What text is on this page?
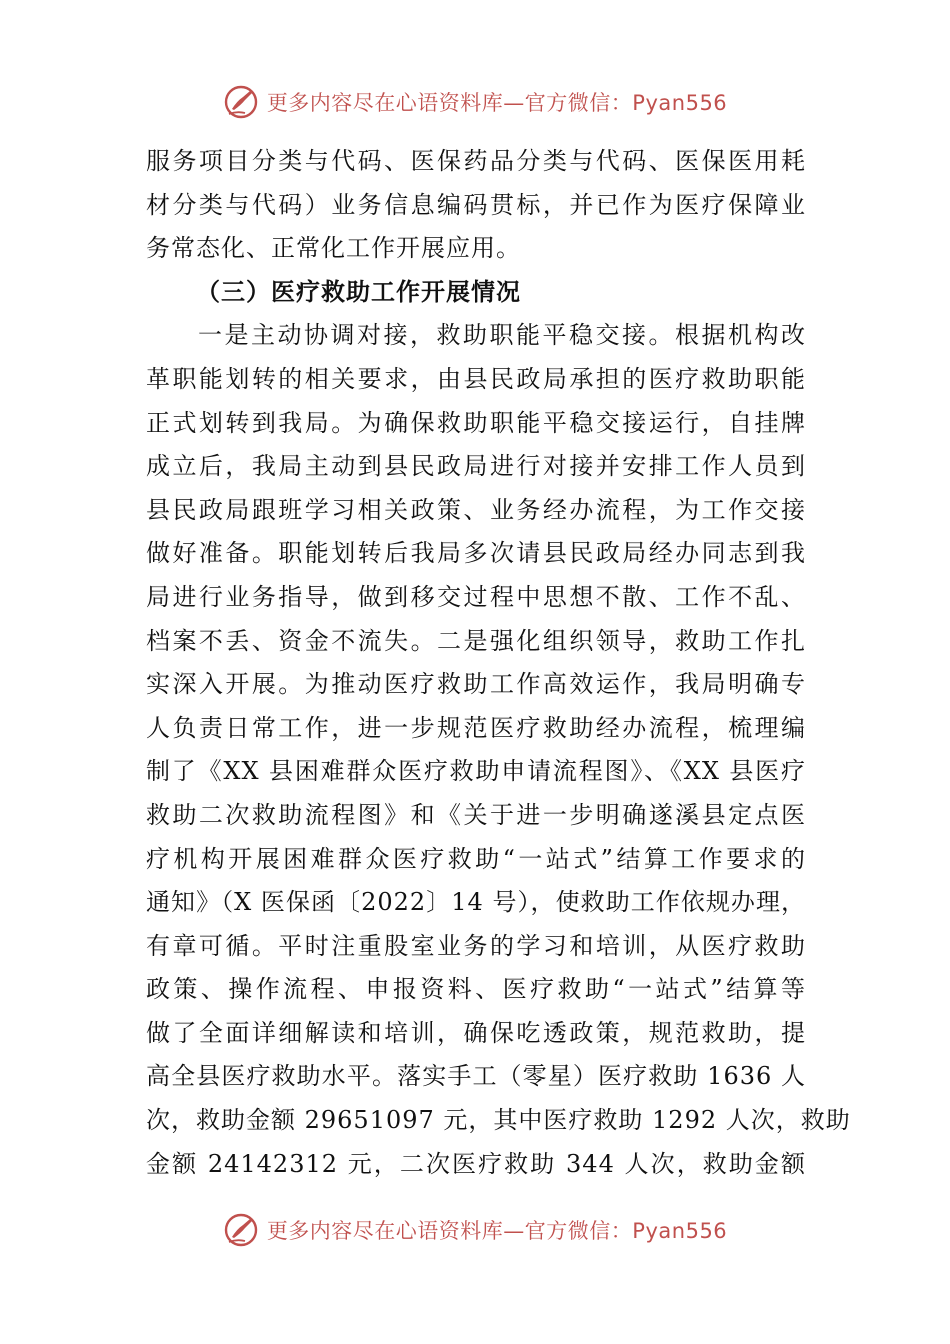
更多内容尽在心语资料库—官方微信：Pyan556
服务项目分类与代码、医保药品分类与代码、医保医用耗
材分类与代码）业务信息编码贯标，并已作为医疗保障业
务常态化、正常化工作开展应用。
（三）医疗救助工作开展情况
一是主动协调对接，救助职能平稳交接。根据机构改
革职能划转的相关要求，由县民政局承担的医疗救助职能
正式划转到我局。为确保救助职能平稳交接运行，自挂牌
成立后，我局主动到县民政局进行对接并安排工作人员到
县民政局跟班学习相关政策、业务经办流程，为工作交接
做好准备。职能划转后我局多次请县民政局经办同志到我
局进行业务指导，做到移交过程中思想不散、工作不乱、
档案不丢、资金不流失。二是强化组织领导，救助工作扎
实深入开展。为推动医疗救助工作高效运作，我局明确专
人负责日常工作，进一步规范医疗救助经办流程，梳理编
制了《XX 县困难群众医疗救助申请流程图》、《XX 县医疗
救助二次救助流程图》和《关于进一步明确遂溪县定点医
疗机构开展困难群众医疗救助“一站式”结算工作要求的
通知》（X 医保函〔2022〕14 号），使救助工作依规办理，
有章可循。平时注重股室业务的学习和培训，从医疗救助
政策、操作流程、申报资料、医疗救助“一站式”结算等
做了全面详细解读和培训，确保吃透政策，规范救助，提
高全县医疗救助水平。落实手工（零星）医疗救助 1636 人
次，救助金额 29651097 元，其中医疗救助 1292 人次，救助
金额 24142312 元，二次医疗救助 344 人次，救助金额
更多内容尽在心语资料库—官方微信：Pyan556
